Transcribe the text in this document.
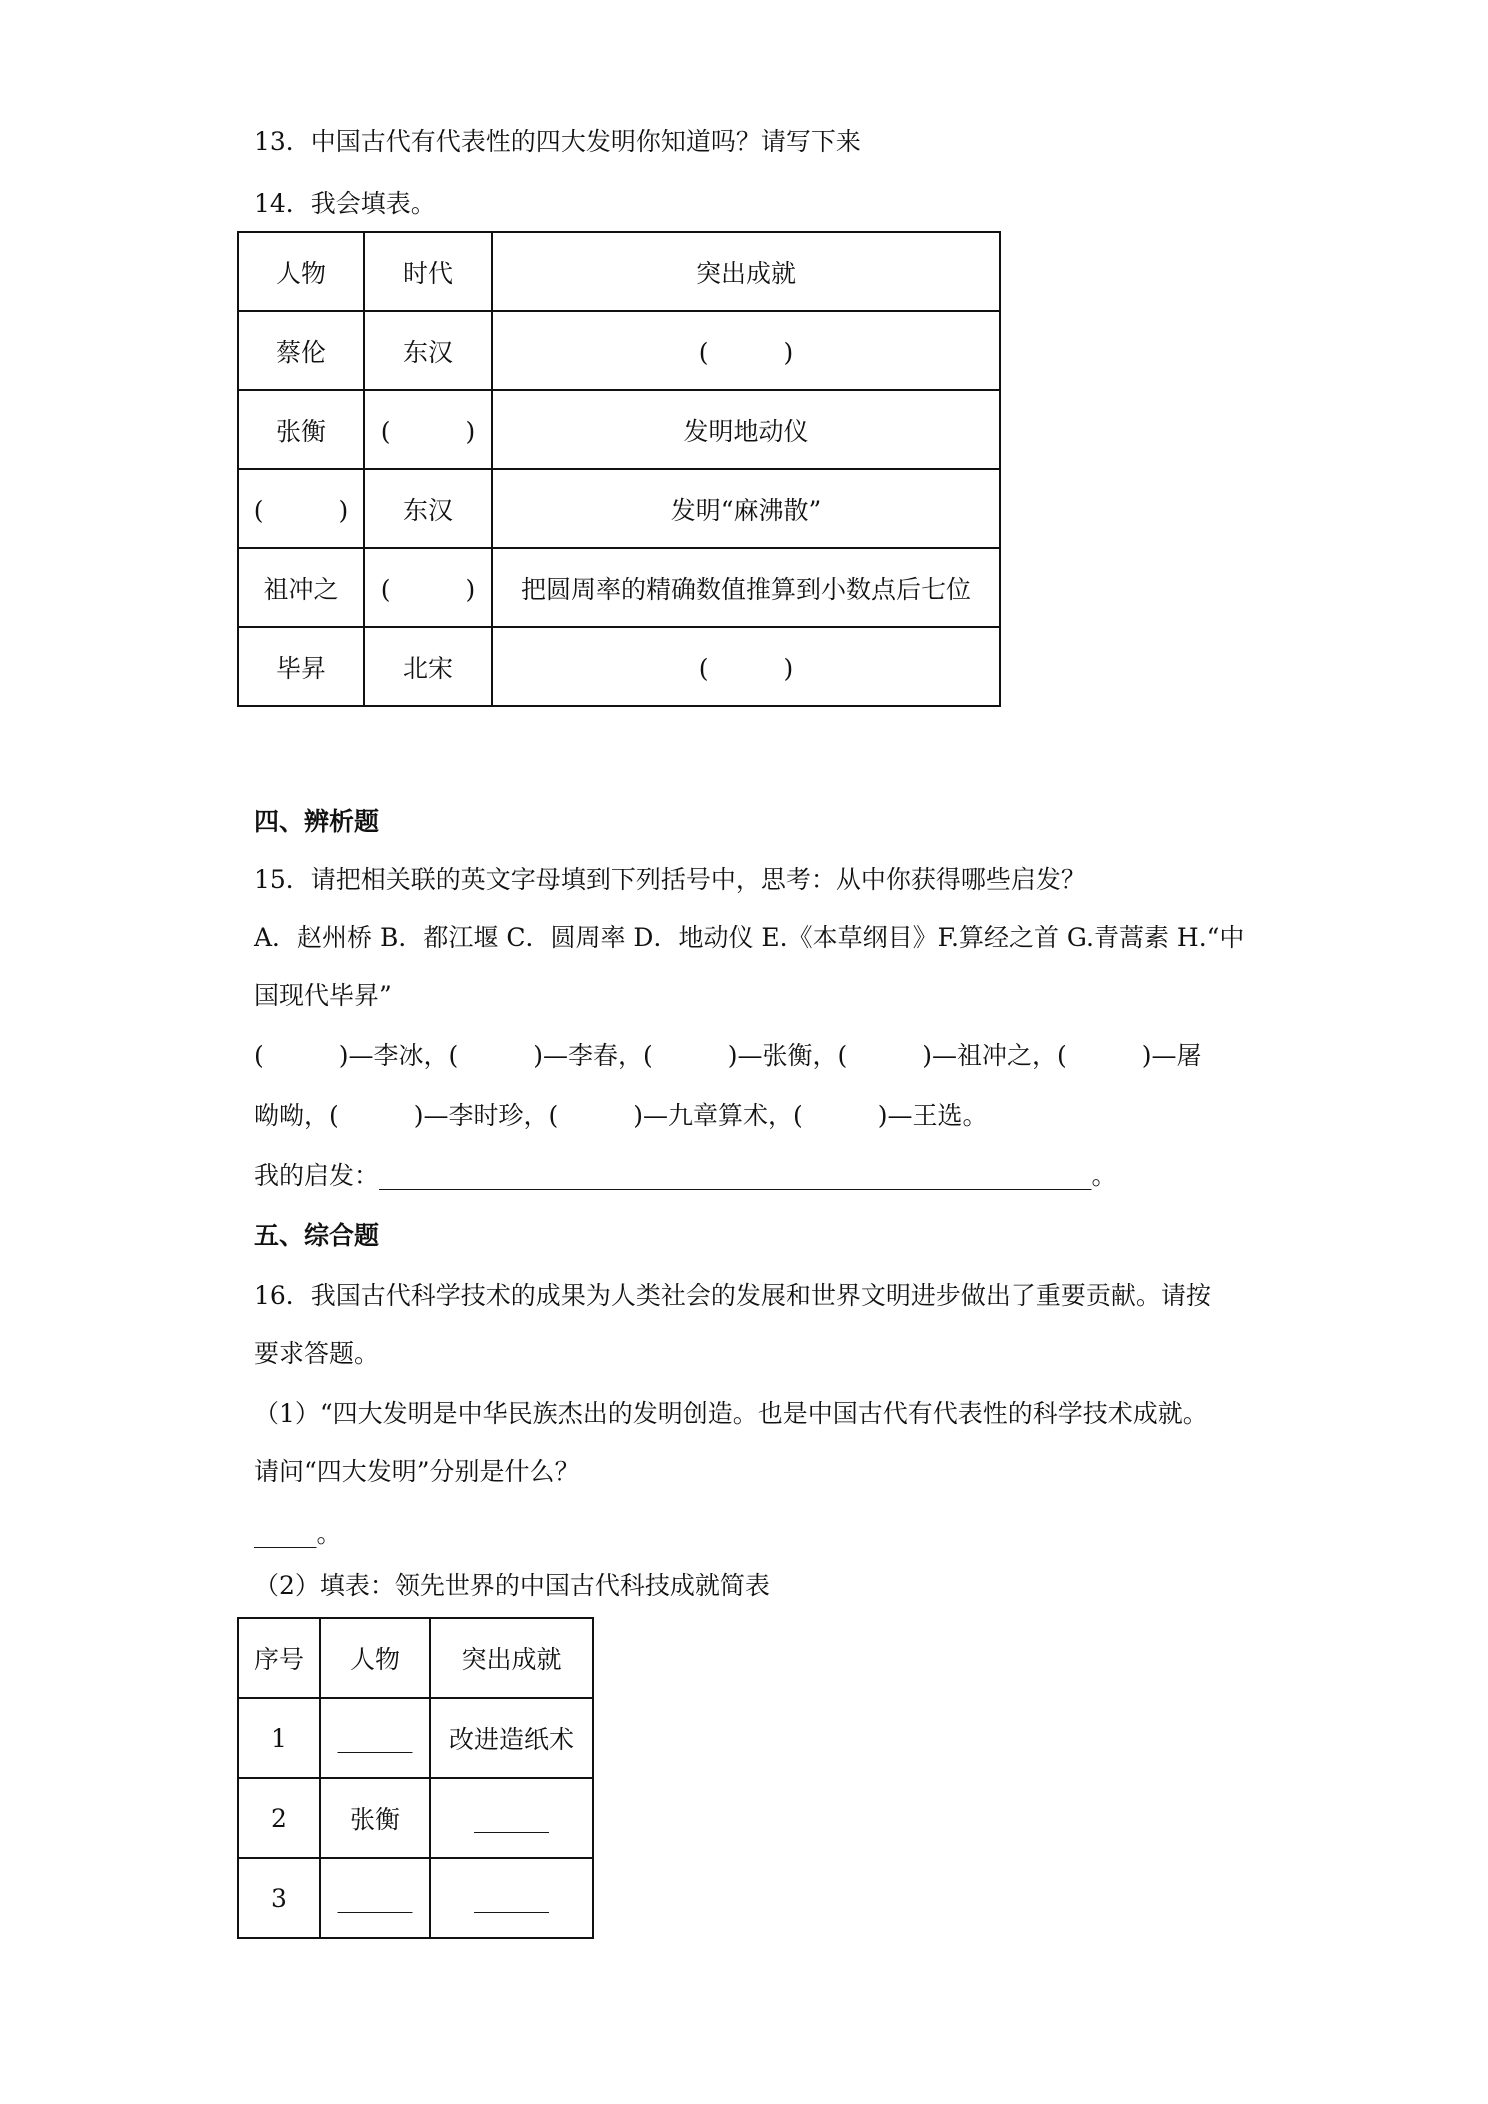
13．中国古代有代表性的四大发明你知道吗？请写下来
14．我会填表。
人物	时代	突出成就
蔡伦	东汉	(　　　)
张衡	(　　　)	发明地动仪
(　　　)	东汉	发明“麻沸散”
祖冲之	(　　　)	把圆周率的精确数值推算到小数点后七位
毕昇	北宋	(　　　)
四、辨析题
15．请把相关联的英文字母填到下列括号中，思考：从中你获得哪些启发？
A．赵州桥 B．都江堰 C．圆周率 D．地动仪 E.《本草纲目》F.算经之首 G.青蒿素 H.“中
国现代毕昇”
(　　　)—李冰，(　　　)—李春，(　　　)—张衡，(　　　)—祖冲之，(　　　)—屠
呦呦，(　　　)—李时珍，(　　　)—九章算术，(　　　)—王选。
我的启发：_________________________________________________________。
五、综合题
16．我国古代科学技术的成果为人类社会的发展和世界文明进步做出了重要贡献。请按
要求答题。
（1）“四大发明是中华民族杰出的发明创造。也是中国古代有代表性的科学技术成就。
请问“四大发明”分别是什么？
_____。
（2）填表：领先世界的中国古代科技成就简表
序号	人物	突出成就
1	______	改进造纸术
2	张衡	______
3	______	______
